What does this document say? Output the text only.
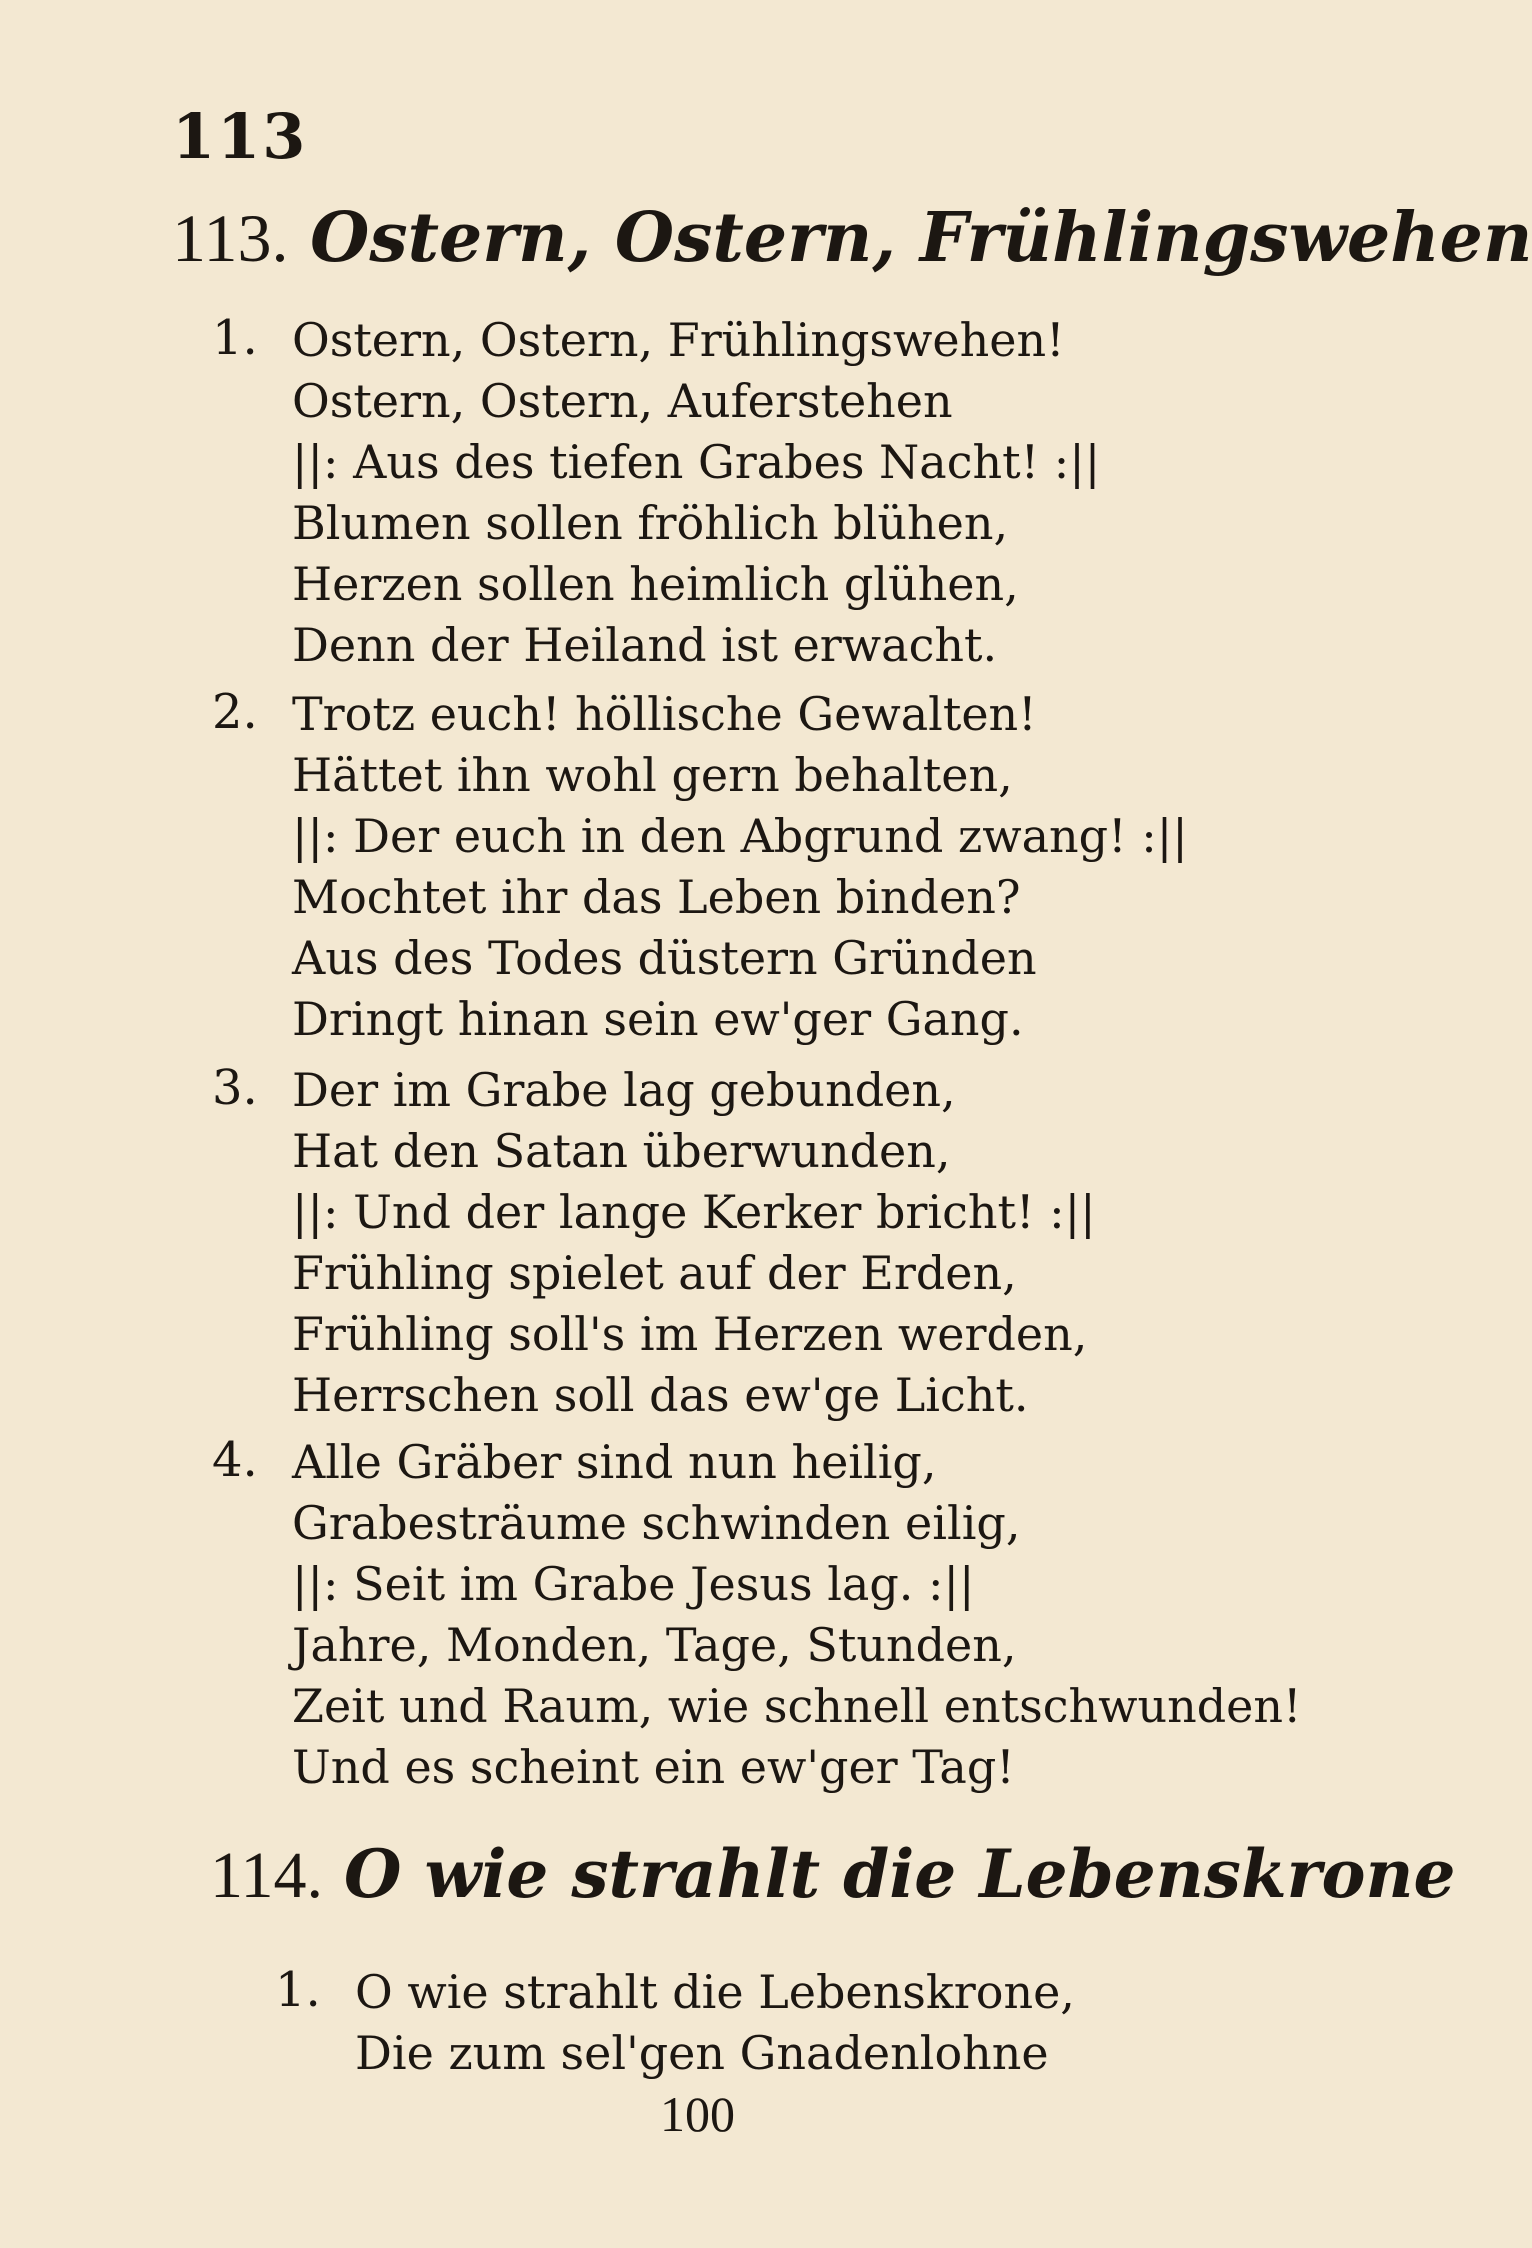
113
113. Ostern, Ostern, Frühlingswehen
1. Ostern, Ostern, Frühlingswehen!
Ostern, Ostern, Auferstehen
||: Aus des tiefen Grabes Nacht! :||
Blumen sollen fröhlich blühen,
Herzen sollen heimlich glühen,
Denn der Heiland ist erwacht.
2. Trotz euch! höllische Gewalten!
Hättet ihn wohl gern behalten,
||: Der euch in den Abgrund zwang! :||
Mochtet ihr das Leben binden?
Aus des Todes düstern Gründen
Dringt hinan sein ew'ger Gang.
3. Der im Grabe lag gebunden,
Hat den Satan überwunden,
||: Und der lange Kerker bricht! :||
Frühling spielet auf der Erden,
Frühling soll's im Herzen werden,
Herrschen soll das ew'ge Licht.
4. Alle Gräber sind nun heilig,
Grabesträume schwinden eilig,
||: Seit im Grabe Jesus lag. :||
Jahre, Monden, Tage, Stunden,
Zeit und Raum, wie schnell entschwunden!
Und es scheint ein ew'ger Tag!
114. O wie strahlt die Lebenskrone
1. O wie strahlt die Lebenskrone,
Die zum sel'gen Gnadenlohne
100
